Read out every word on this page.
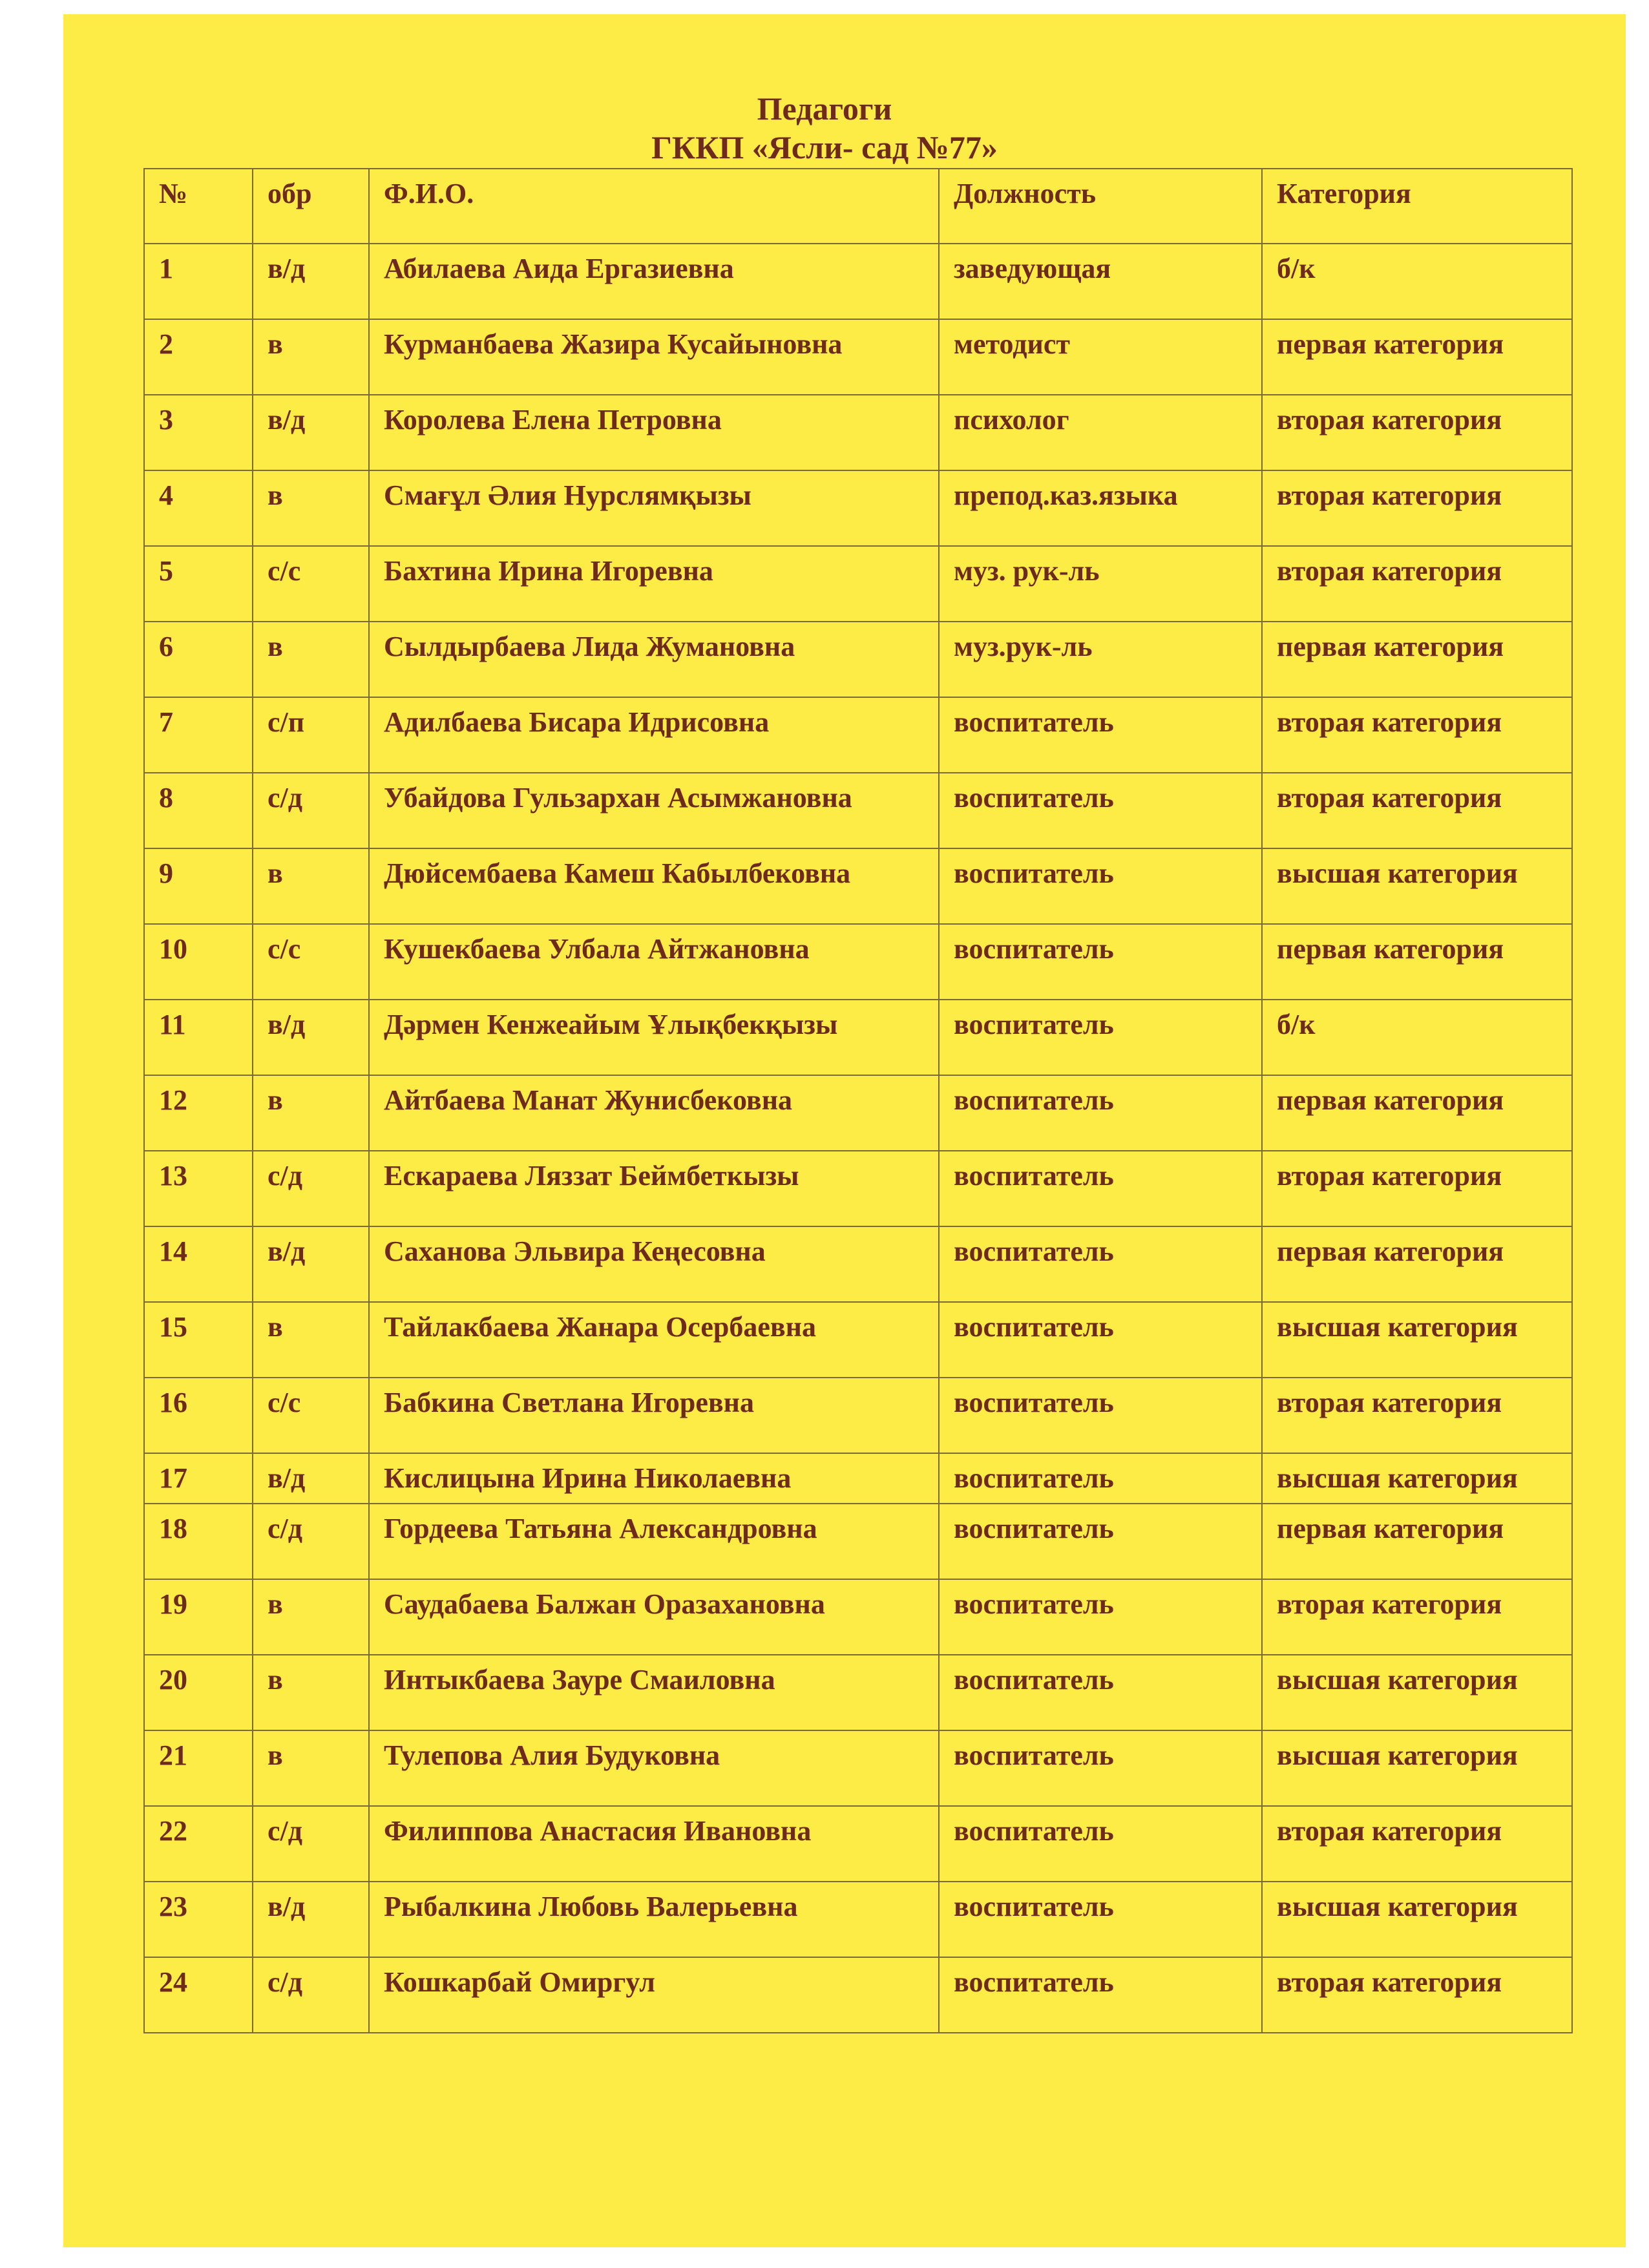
Педагоги
ГККП «Ясли- сад №77»
№	обр	Ф.И.О.	Должность	Категория
1	в/д	Абилаева Аида Ергазиевна	заведующая	б/к
2	в	Курманбаева Жазира Кусайыновна	методист	первая категория
3	в/д	Королева Елена Петровна	психолог	вторая категория
4	в	Смағұл Әлия Нурслямқызы	препод.каз.языка	вторая категория
5	с/с	Бахтина Ирина Игоревна	муз. рук-ль	вторая категория
6	в	Сылдырбаева Лида Жумановна	муз.рук-ль	первая категория
7	с/п	Адилбаева Бисара Идрисовна	воспитатель	вторая категория
8	с/д	Убайдова Гульзархан Асымжановна	воспитатель	вторая категория
9	в	Дюйсембаева Камеш Кабылбековна	воспитатель	высшая категория
10	с/с	Кушекбаева Улбала Айтжановна	воспитатель	первая категория
11	в/д	Дәрмен Кенжеайым Ұлықбекқызы	воспитатель	б/к
12	в	Айтбаева Манат Жунисбековна	воспитатель	первая категория
13	с/д	Ескараева Ляззат Беймбеткызы	воспитатель	вторая категория
14	в/д	Саханова Эльвира Кеңесовна	воспитатель	первая категория
15	в	Тайлакбаева Жанара Осербаевна	воспитатель	высшая категория
16	с/с	Бабкина Светлана Игоревна	воспитатель	вторая категория
17	в/д	Кислицына Ирина Николаевна	воспитатель	высшая категория
18	с/д	Гордеева Татьяна Александровна	воспитатель	первая категория
19	в	Саудабаева Балжан Оразахановна	воспитатель	вторая категория
20	в	Интыкбаева Зауре Смаиловна	воспитатель	высшая категория
21	в	Тулепова Алия Будуковна	воспитатель	высшая категория
22	с/д	Филиппова Анастасия Ивановна	воспитатель	вторая категория
23	в/д	Рыбалкина Любовь Валерьевна	воспитатель	высшая категория
24	с/д	Кошкарбай Омиргул	воспитатель	вторая категория
